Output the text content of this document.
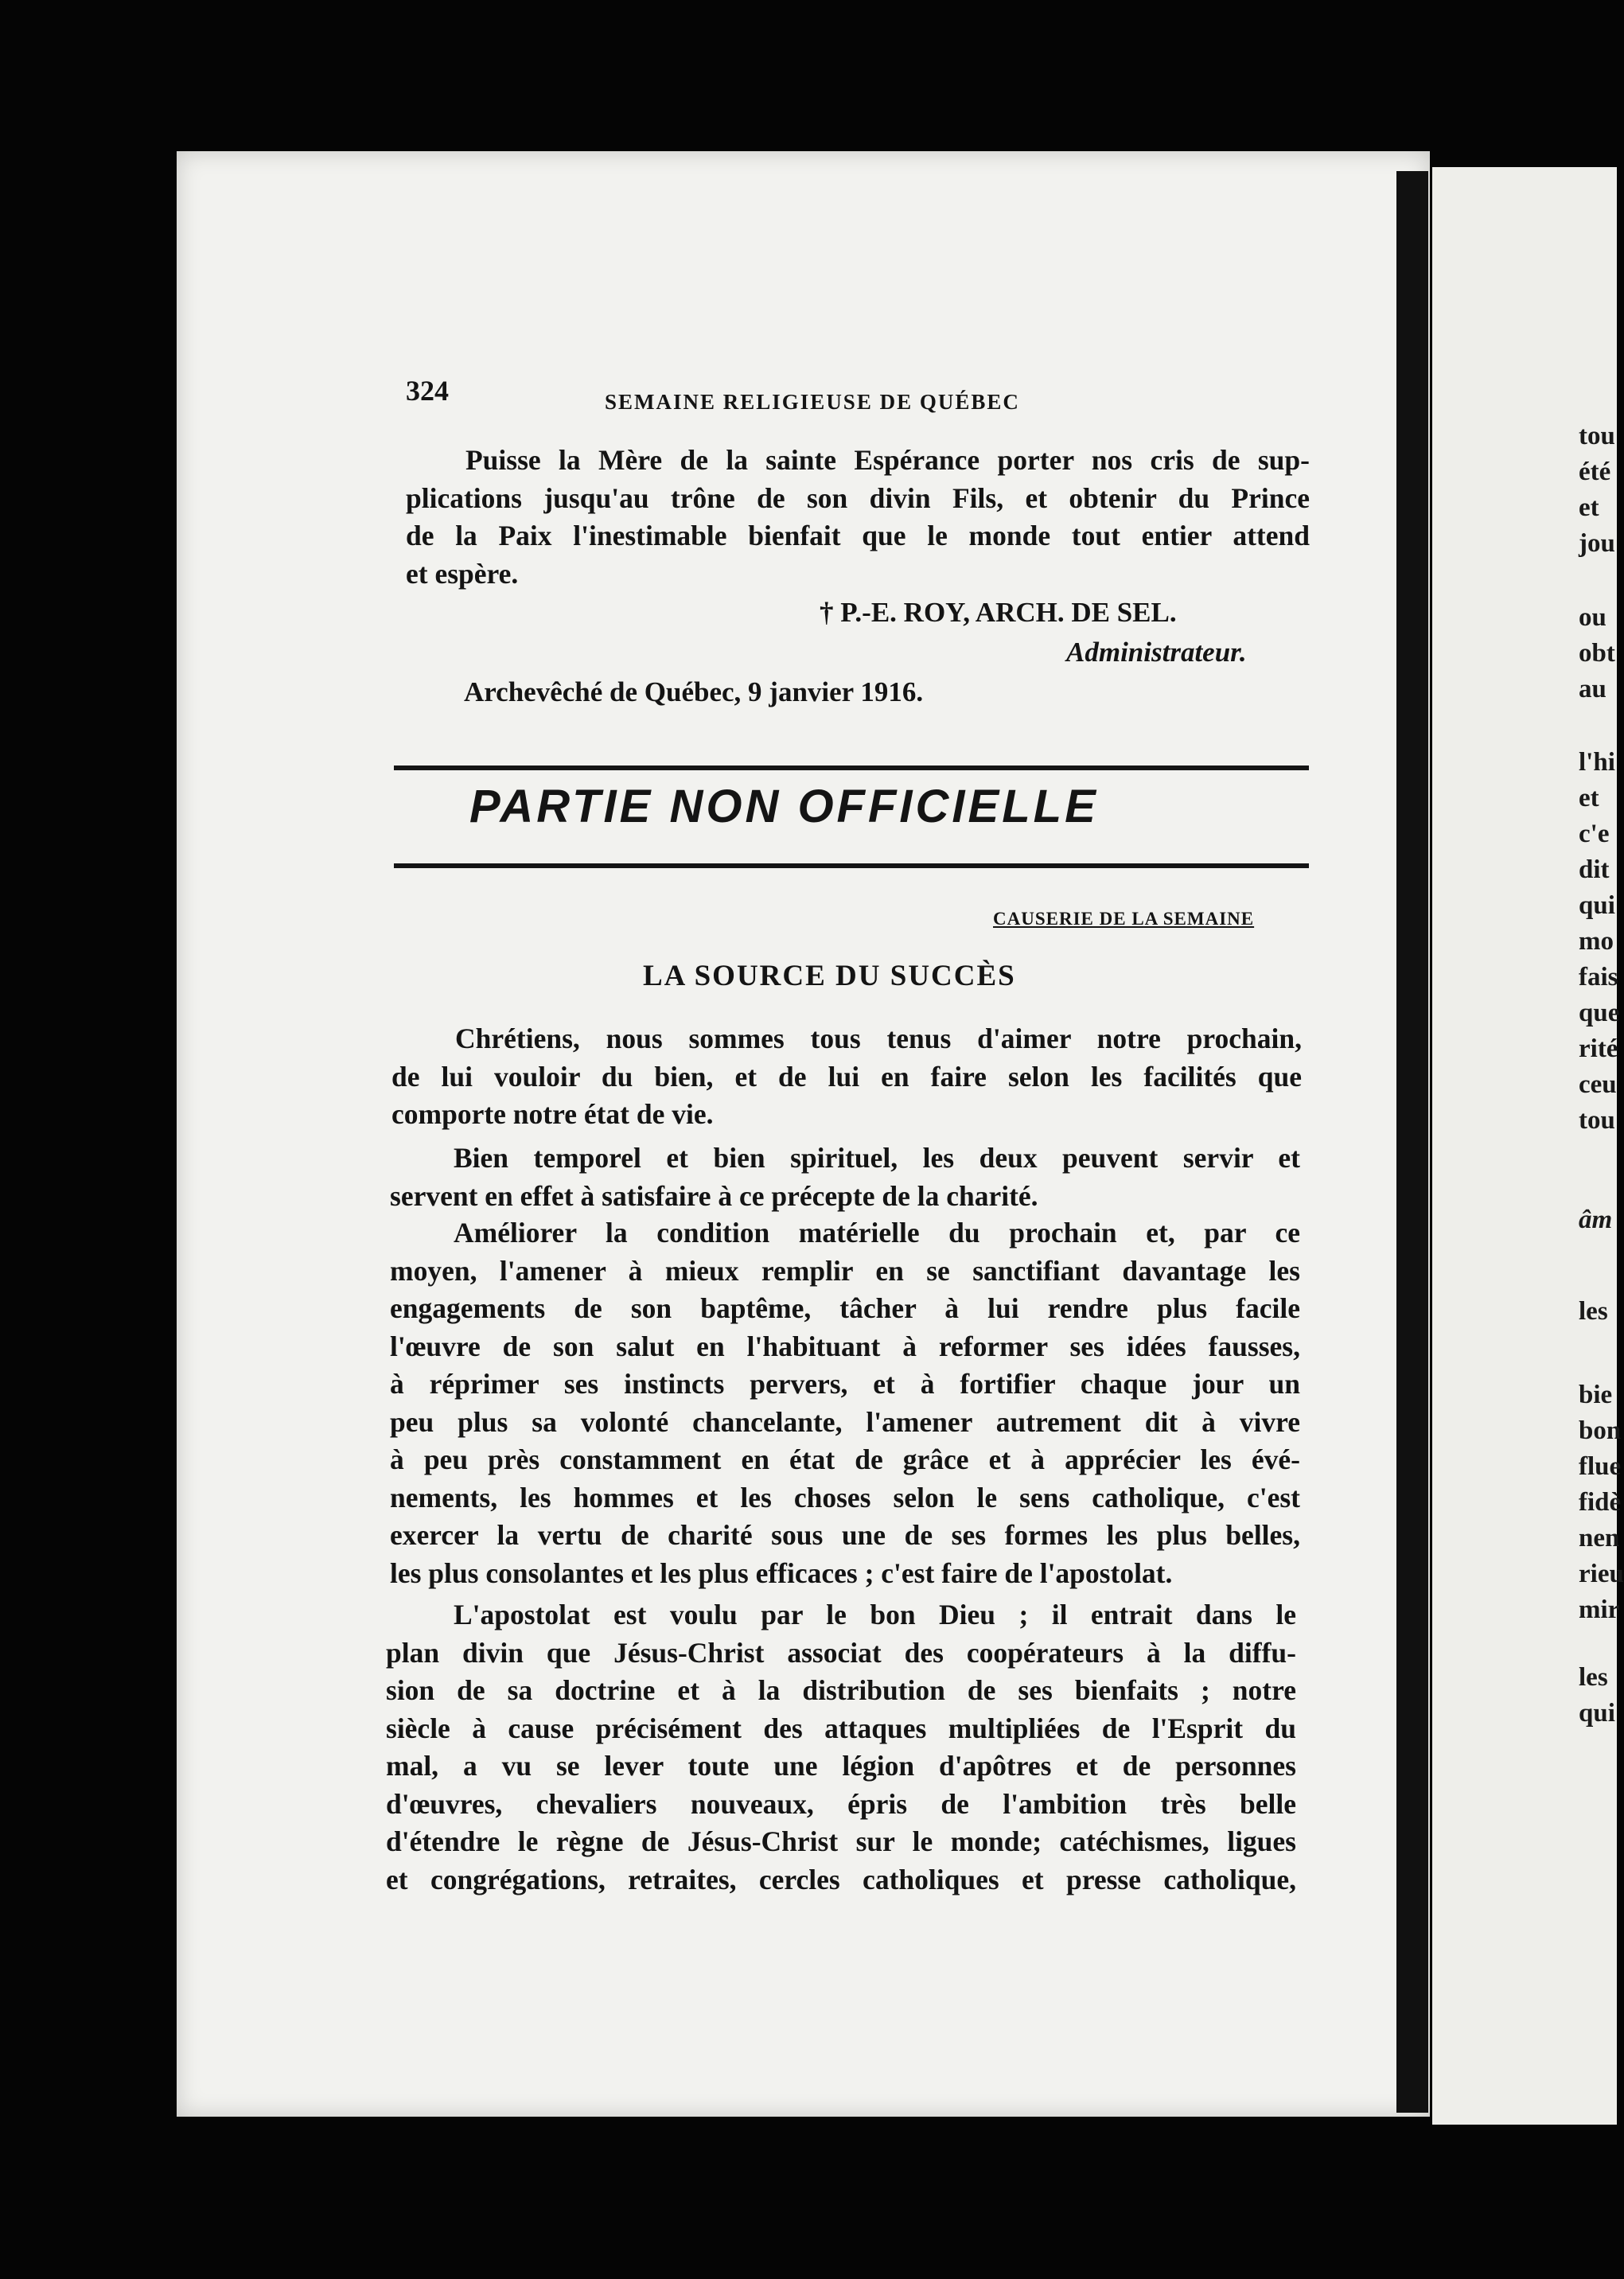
tou
été
et
jou
ou
obt
au
l'hi
et
c'e
dit
qui
mo
fais
que
rité
ceu
tou
âm
les
bie
bon
flue
fidè
nen
rieu
mir
les
qui
324	SEMAINE RELIGIEUSE DE QUÉBEC
Puisse la Mère de la sainte Espérance porter nos cris de sup-
plications jusqu'au trône de son divin Fils, et obtenir du Prince
de la Paix l'inestimable bienfait que le monde tout entier attend
et espère.
† P.-E. ROY, ARCH. DE SEL.
Administrateur.
Archevêché de Québec, 9 janvier 1916.
PARTIE NON OFFICIELLE
CAUSERIE DE LA SEMAINE
LA SOURCE DU SUCCÈS
Chrétiens, nous sommes tous tenus d'aimer notre prochain,
de lui vouloir du bien, et de lui en faire selon les facilités que
comporte notre état de vie.
Bien temporel et bien spirituel, les deux peuvent servir et
servent en effet à satisfaire à ce précepte de la charité.
Améliorer la condition matérielle du prochain et, par ce
moyen, l'amener à mieux remplir en se sanctifiant davantage les
engagements de son baptême, tâcher à lui rendre plus facile
l'œuvre de son salut en l'habituant à reformer ses idées fausses,
à réprimer ses instincts pervers, et à fortifier chaque jour un
peu plus sa volonté chancelante, l'amener autrement dit à vivre
à peu près constamment en état de grâce et à apprécier les évé-
nements, les hommes et les choses selon le sens catholique, c'est
exercer la vertu de charité sous une de ses formes les plus belles,
les plus consolantes et les plus efficaces ; c'est faire de l'apostolat.
L'apostolat est voulu par le bon Dieu ; il entrait dans le
plan divin que Jésus-Christ associat des coopérateurs à la diffu-
sion de sa doctrine et à la distribution de ses bienfaits ; notre
siècle à cause précisément des attaques multipliées de l'Esprit du
mal, a vu se lever toute une légion d'apôtres et de personnes
d'œuvres, chevaliers nouveaux, épris de l'ambition très belle
d'étendre le règne de Jésus-Christ sur le monde; catéchismes, ligues
et congrégations, retraites, cercles catholiques et presse catholique,
